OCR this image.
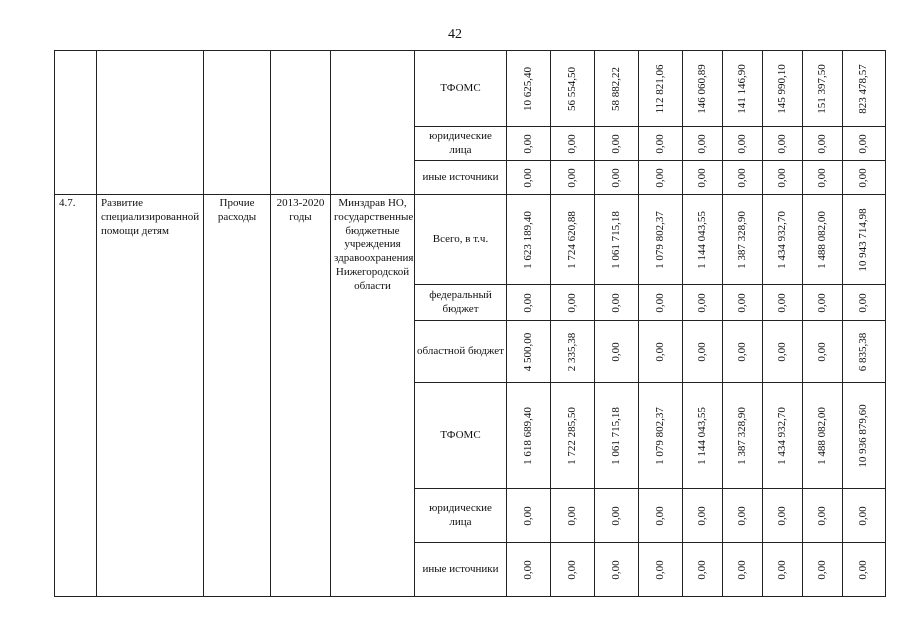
42
					ТФОМС	10 625,40	56 554,50	58 882,22	112 821,06	146 060,89	141 146,90	145 990,10	151 397,50	823 478,57

					юридические лица	0,00	0,00	0,00	0,00	0,00	0,00	0,00	0,00	0,00

					иные источники	0,00	0,00	0,00	0,00	0,00	0,00	0,00	0,00	0,00

4.7.	Развитие специализированной помощи детям	Прочие расходы	2013-2020 годы	Минздрав НО, государственные бюджетные учреждения здравоохранения Нижегородской области	Всего, в т.ч.	1 623 189,40	1 724 620,88	1 061 715,18	1 079 802,37	1 144 043,55	1 387 328,90	1 434 932,70	1 488 082,00	10 943 714,98

					федеральный бюджет	0,00	0,00	0,00	0,00	0,00	0,00	0,00	0,00	0,00

					областной бюджет	4 500,00	2 335,38	0,00	0,00	0,00	0,00	0,00	0,00	6 835,38

					ТФОМС	1 618 689,40	1 722 285,50	1 061 715,18	1 079 802,37	1 144 043,55	1 387 328,90	1 434 932,70	1 488 082,00	10 936 879,60

					юридические лица	0,00	0,00	0,00	0,00	0,00	0,00	0,00	0,00	0,00

					иные источники	0,00	0,00	0,00	0,00	0,00	0,00	0,00	0,00	0,00
